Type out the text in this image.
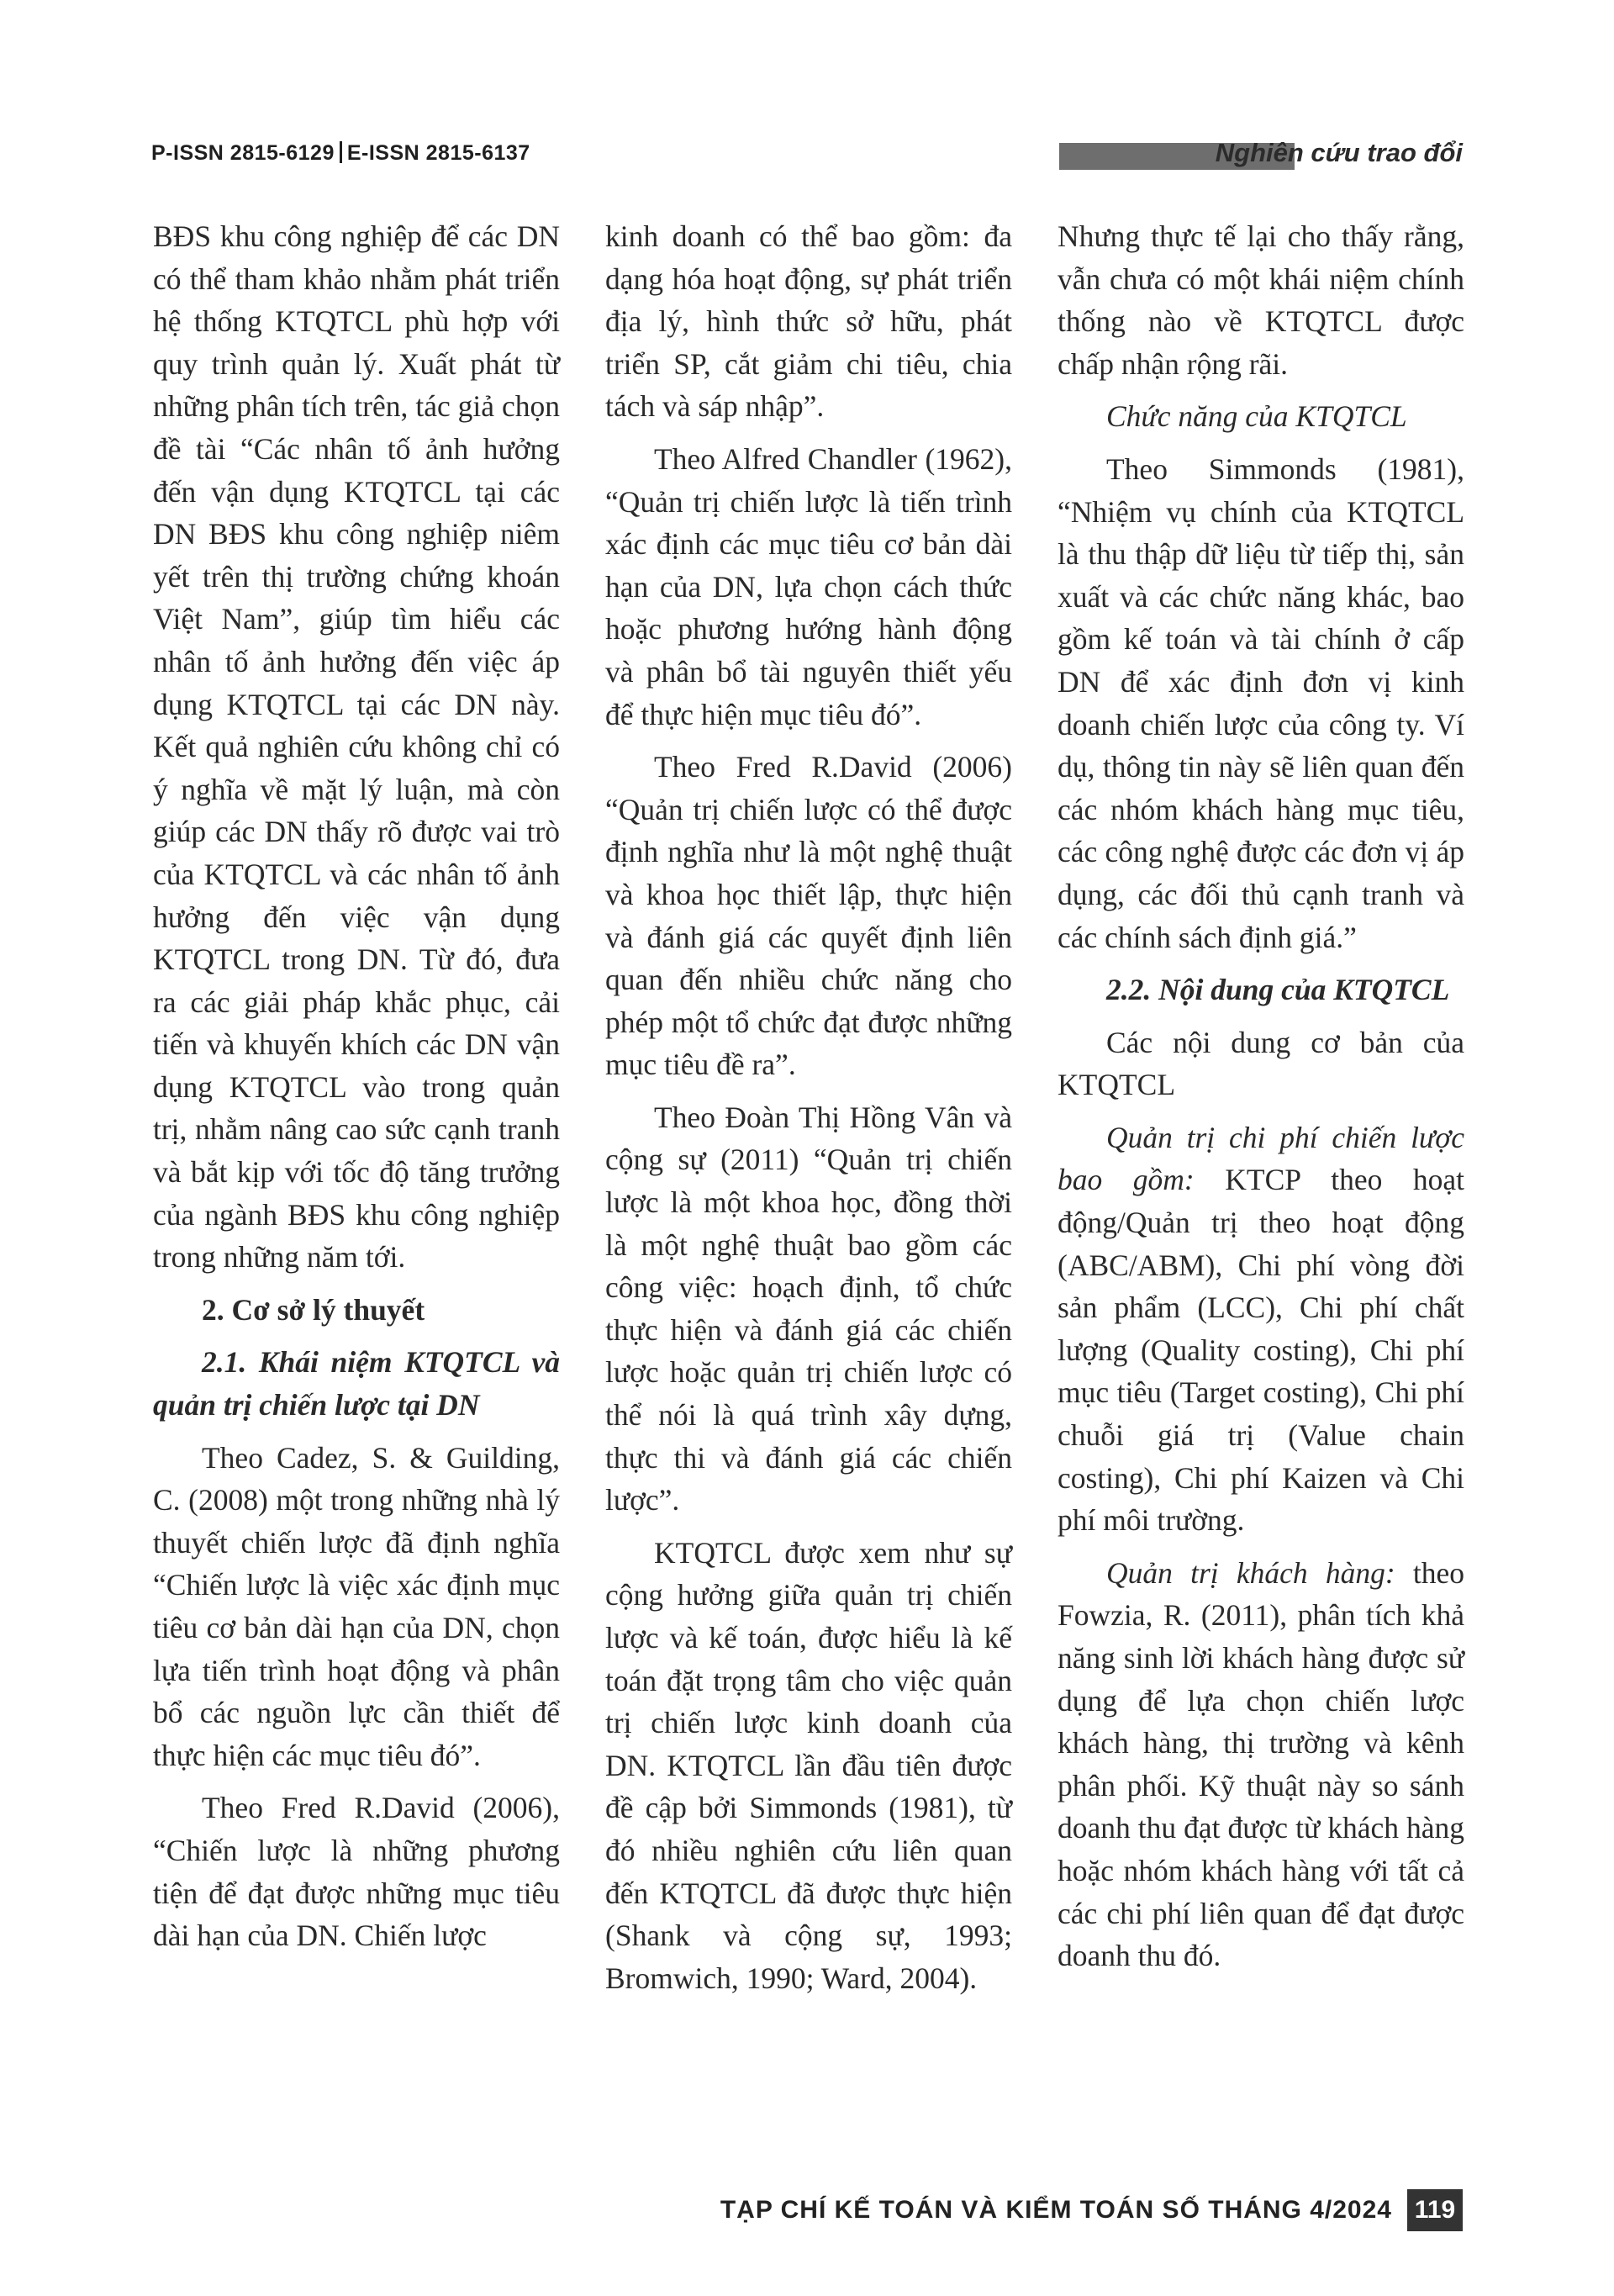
P-ISSN 2815-6129 E-ISSN 2815-6137	Nghiên cứu trao đổi

BĐS khu công nghiệp để các DN có thể tham khảo nhằm phát triển hệ thống KTQTCL phù hợp với quy trình quản lý. Xuất phát từ những phân tích trên, tác giả chọn đề tài “Các nhân tố ảnh hưởng đến vận dụng KTQTCL tại các DN BĐS khu công nghiệp niêm yết trên thị trường chứng khoán Việt Nam”, giúp tìm hiểu các nhân tố ảnh hưởng đến việc áp dụng KTQTCL tại các DN này. Kết quả nghiên cứu không chỉ có ý nghĩa về mặt lý luận, mà còn giúp các DN thấy rõ được vai trò của KTQTCL và các nhân tố ảnh hưởng đến việc vận dụng KTQTCL trong DN. Từ đó, đưa ra các giải pháp khắc phục, cải tiến và khuyến khích các DN vận dụng KTQTCL vào trong quản trị, nhằm nâng cao sức cạnh tranh và bắt kịp với tốc độ tăng trưởng của ngành BĐS khu công nghiệp trong những năm tới.

2. Cơ sở lý thuyết

2.1. Khái niệm KTQTCL và quản trị chiến lược tại DN

Theo Cadez, S. & Guilding, C. (2008) một trong những nhà lý thuyết chiến lược đã định nghĩa “Chiến lược là việc xác định mục tiêu cơ bản dài hạn của DN, chọn lựa tiến trình hoạt động và phân bổ các nguồn lực cần thiết để thực hiện các mục tiêu đó”.

Theo Fred R.David (2006), “Chiến lược là những phương tiện để đạt được những mục tiêu dài hạn của DN. Chiến lược

kinh doanh có thể bao gồm: đa dạng hóa hoạt động, sự phát triển địa lý, hình thức sở hữu, phát triển SP, cắt giảm chi tiêu, chia tách và sáp nhập”.

Theo Alfred Chandler (1962), “Quản trị chiến lược là tiến trình xác định các mục tiêu cơ bản dài hạn của DN, lựa chọn cách thức hoặc phương hướng hành động và phân bổ tài nguyên thiết yếu để thực hiện mục tiêu đó”.

Theo Fred R.David (2006) “Quản trị chiến lược có thể được định nghĩa như là một nghệ thuật và khoa học thiết lập, thực hiện và đánh giá các quyết định liên quan đến nhiều chức năng cho phép một tổ chức đạt được những mục tiêu đề ra”.

Theo Đoàn Thị Hồng Vân và cộng sự (2011) “Quản trị chiến lược là một khoa học, đồng thời là một nghệ thuật bao gồm các công việc: hoạch định, tổ chức thực hiện và đánh giá các chiến lược hoặc quản trị chiến lược có thể nói là quá trình xây dựng, thực thi và đánh giá các chiến lược”.

KTQTCL được xem như sự cộng hưởng giữa quản trị chiến lược và kế toán, được hiểu là kế toán đặt trọng tâm cho việc quản trị chiến lược kinh doanh của DN. KTQTCL lần đầu tiên được đề cập bởi Simmonds (1981), từ đó nhiều nghiên cứu liên quan đến KTQTCL đã được thực hiện (Shank và cộng sự, 1993; Bromwich, 1990; Ward, 2004).

Nhưng thực tế lại cho thấy rằng, vẫn chưa có một khái niệm chính thống nào về KTQTCL được chấp nhận rộng rãi.

Chức năng của KTQTCL

Theo Simmonds (1981), “Nhiệm vụ chính của KTQTCL là thu thập dữ liệu từ tiếp thị, sản xuất và các chức năng khác, bao gồm kế toán và tài chính ở cấp DN để xác định đơn vị kinh doanh chiến lược của công ty. Ví dụ, thông tin này sẽ liên quan đến các nhóm khách hàng mục tiêu, các công nghệ được các đơn vị áp dụng, các đối thủ cạnh tranh và các chính sách định giá.”

2.2. Nội dung của KTQTCL

Các nội dung cơ bản của KTQTCL

Quản trị chi phí chiến lược bao gồm: KTCP theo hoạt động/Quản trị theo hoạt động (ABC/ABM), Chi phí vòng đời sản phẩm (LCC), Chi phí chất lượng (Quality costing), Chi phí mục tiêu (Target costing), Chi phí chuỗi giá trị (Value chain costing), Chi phí Kaizen và Chi phí môi trường.

Quản trị khách hàng: theo Fowzia, R. (2011), phân tích khả năng sinh lời khách hàng được sử dụng để lựa chọn chiến lược khách hàng, thị trường và kênh phân phối. Kỹ thuật này so sánh doanh thu đạt được từ khách hàng hoặc nhóm khách hàng với tất cả các chi phí liên quan để đạt được doanh thu đó.

TẠP CHÍ KẾ TOÁN VÀ KIỂM TOÁN SỐ THÁNG 4/2024 119
